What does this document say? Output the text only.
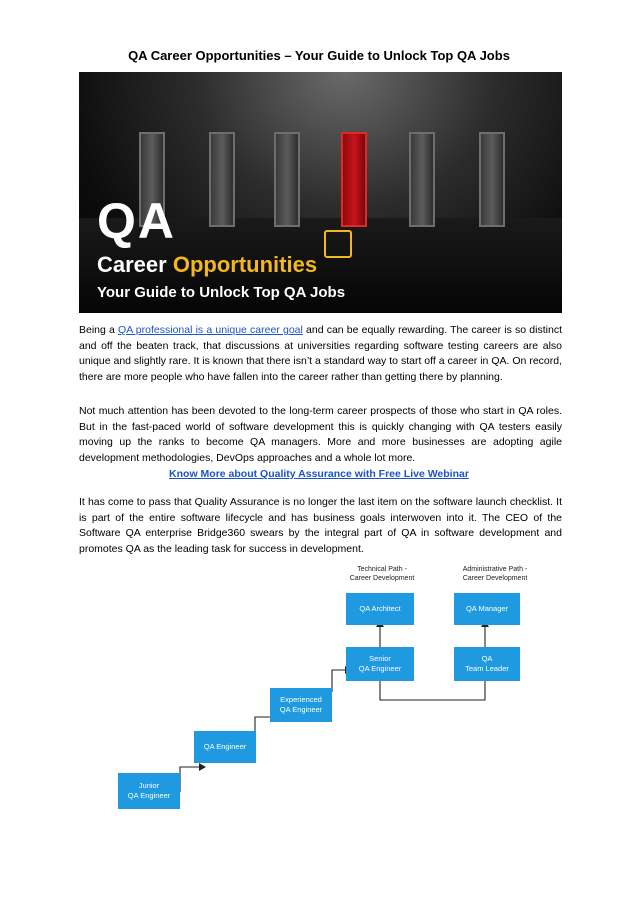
QA Career Opportunities – Your Guide to Unlock Top QA Jobs
QA
Career Opportunities
Your Guide to Unlock Top QA Jobs

Being a QA professional is a unique career goal and can be equally rewarding. The career is so distinct and off the beaten track, that discussions at universities regarding software testing careers are also unique and slightly rare. It is known that there isn’t a standard way to start off a career in QA. On record, there are more people who have fallen into the career rather than getting there by planning.

Not much attention has been devoted to the long-term career prospects of those who start in QA roles. But in the fast-paced world of software development this is quickly changing with QA testers easily moving up the ranks to become QA managers. More and more businesses are adopting agile development methodologies, DevOps approaches and a whole lot more.

Know More about Quality Assurance with Free Live Webinar

It has come to pass that Quality Assurance is no longer the last item on the software launch checklist. It is part of the entire software lifecycle and has business goals interwoven into it. The CEO of the Software QA enterprise Bridge360 swears by the integral part of QA in software development and promotes QA as the leading task for success in development.

Technical Path -
Career Development
Administrative Path -
Career Development
Junior
QA Engineer
QA Engineer
Experienced
QA Engineer
Senior
QA Engineer
QA
Team Leader
QA Architect	QA Manager
